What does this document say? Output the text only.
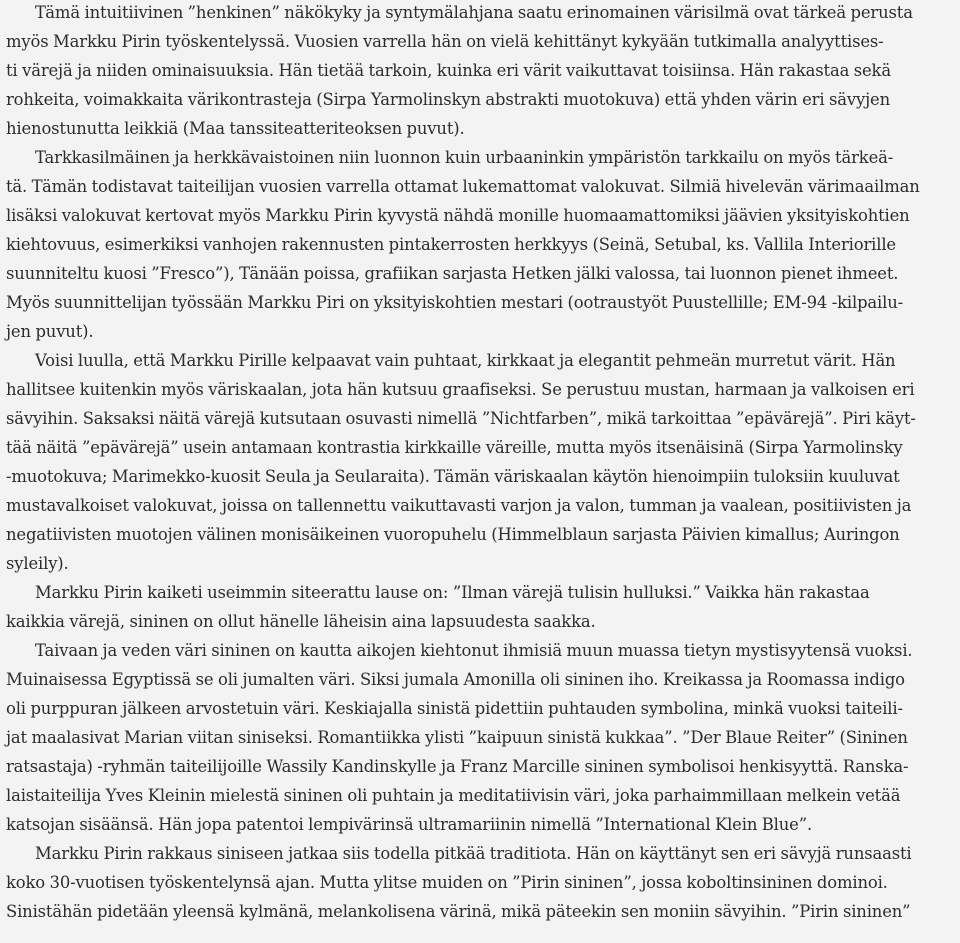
Tämä intuitiivinen ”henkinen” näkökyky ja syntymälahjana saatu erinomainen värisilmä ovat tärkeä perusta
myös Markku Pirin työskentelyssä. Vuosien varrella hän on vielä kehittänyt kykyään tutkimalla analyyttises-
ti värejä ja niiden ominaisuuksia. Hän tietää tarkoin, kuinka eri värit vaikuttavat toisiinsa. Hän rakastaa sekä
rohkeita, voimakkaita värikontrasteja (Sirpa Yarmolinskyn abstrakti muotokuva) että yhden värin eri sävyjen
hienostunutta leikkiä (Maa tanssiteatteriteoksen puvut).
Tarkkasilmäinen ja herkkävaistoinen niin luonnon kuin urbaaninkin ympäristön tarkkailu on myös tärkeä-
tä. Tämän todistavat taiteilijan vuosien varrella ottamat lukemattomat valokuvat. Silmiä hivelevän värimaailman
lisäksi valokuvat kertovat myös Markku Pirin kyvystä nähdä monille huomaamattomiksi jäävien yksityiskohtien
kiehtovuus, esimerkiksi vanhojen rakennusten pintakerrosten herkkyys (Seinä, Setubal, ks. Vallila Interiorille
suunniteltu kuosi ”Fresco”), Tänään poissa, grafiikan sarjasta Hetken jälki valossa, tai luonnon pienet ihmeet.
Myös suunnittelijan työssään Markku Piri on yksityiskohtien mestari (ootraustyöt Puustellille; EM-94 -kilpailu-
jen puvut).
Voisi luulla, että Markku Pirille kelpaavat vain puhtaat, kirkkaat ja elegantit pehmeän murretut värit. Hän
hallitsee kuitenkin myös väriskaalan, jota hän kutsuu graafiseksi. Se perustuu mustan, harmaan ja valkoisen eri
sävyihin. Saksaksi näitä värejä kutsutaan osuvasti nimellä ”Nichtfarben”, mikä tarkoittaa ”epävärejä”. Piri käyt-
tää näitä ”epävärejä” usein antamaan kontrastia kirkkaille väreille, mutta myös itsenäisinä (Sirpa Yarmolinsky
-muotokuva; Marimekko-kuosit Seula ja Seularaita). Tämän väriskaalan käytön hienoimpiin tuloksiin kuuluvat
mustavalkoiset valokuvat, joissa on tallennettu vaikuttavasti varjon ja valon, tumman ja vaalean, positiivisten ja
negatiivisten muotojen välinen monisäikeinen vuoropuhelu (Himmelblaun sarjasta Päivien kimallus; Auringon
syleily).
Markku Pirin kaiketi useimmin siteerattu lause on: ”Ilman värejä tulisin hulluksi.” Vaikka hän rakastaa
kaikkia värejä, sininen on ollut hänelle läheisin aina lapsuudesta saakka.
Taivaan ja veden väri sininen on kautta aikojen kiehtonut ihmisiä muun muassa tietyn mystisyytensä vuoksi.
Muinaisessa Egyptissä se oli jumalten väri. Siksi jumala Amonilla oli sininen iho. Kreikassa ja Roomassa indigo
oli purppuran jälkeen arvostetuin väri. Keskiajalla sinistä pidettiin puhtauden symbolina, minkä vuoksi taiteili-
jat maalasivat Marian viitan siniseksi. Romantiikka ylisti ”kaipuun sinistä kukkaa”. ”Der Blaue Reiter” (Sininen
ratsastaja) -ryhmän taiteilijoille Wassily Kandinskylle ja Franz Marcille sininen symbolisoi henkisyyttä. Ranska-
laistaiteilija Yves Kleinin mielestä sininen oli puhtain ja meditatiivisin väri, joka parhaimmillaan melkein vetää
katsojan sisäänsä. Hän jopa patentoi lempivärinsä ultramariinin nimellä ”International Klein Blue”.
Markku Pirin rakkaus siniseen jatkaa siis todella pitkää traditiota. Hän on käyttänyt sen eri sävyjä runsaasti
koko 30-vuotisen työskentelynsä ajan. Mutta ylitse muiden on ”Pirin sininen”, jossa koboltinsininen dominoi.
Sinistähän pidetään yleensä kylmänä, melankolisena värinä, mikä päteekin sen moniin sävyihin. ”Pirin sininen”
